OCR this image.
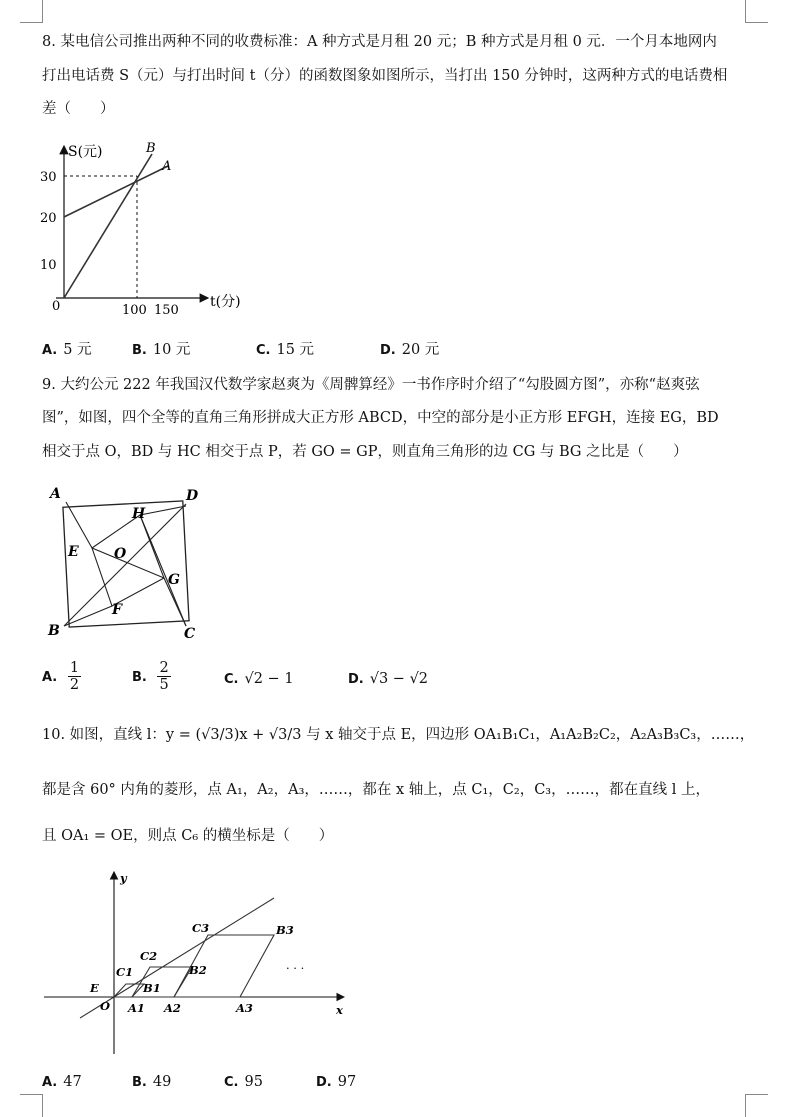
8. 某电信公司推出两种不同的收费标准：A 种方式是月租 20 元；B 种方式是月租 0 元．一个月本地网内
打出电话费 S（元）与打出时间 t（分）的函数图象如图所示，当打出 150 分钟时，这两种方式的电话费相
差（　　）
S(元)
t(分)
30
20
10
0	100 150
A
B
A. 5 元	B. 10 元	C. 15 元	D. 20 元
9. 大约公元 222 年我国汉代数学家赵爽为《周髀算经》一书作序时介绍了“勾股圆方图”，亦称“赵爽弦
图”，如图，四个全等的直角三角形拼成大正方形 ABCD，中空的部分是小正方形 EFGH，连接 EG，BD
相交于点 O，BD 与 HC 相交于点 P，若 GO = GP，则直角三角形的边 CG 与 BG 之比是（　　）
A	D
H
E	O
G
F
B	C
A. $\frac{1}{2}$	B. $\frac{2}{5}$	C. √2 − 1	D. √3 − √2
10. 如图，直线 l：y = (√3/3)x + √3/3 与 x 轴交于点 E，四边形 OA₁B₁C₁，A₁A₂B₂C₂，A₂A₃B₃C₃，……，
都是含 60° 内角的菱形，点 A₁，A₂，A₃，……，都在 x 轴上，点 C₁，C₂，C₃，……，都在直线 l 上，
且 OA₁ = OE，则点 C₆ 的横坐标是（　　）
y
x
E
O A1 A2	A3
B1
B2
B3
C1
C2
C3
· · ·
A. 47	B. 49	C. 95	D. 97
